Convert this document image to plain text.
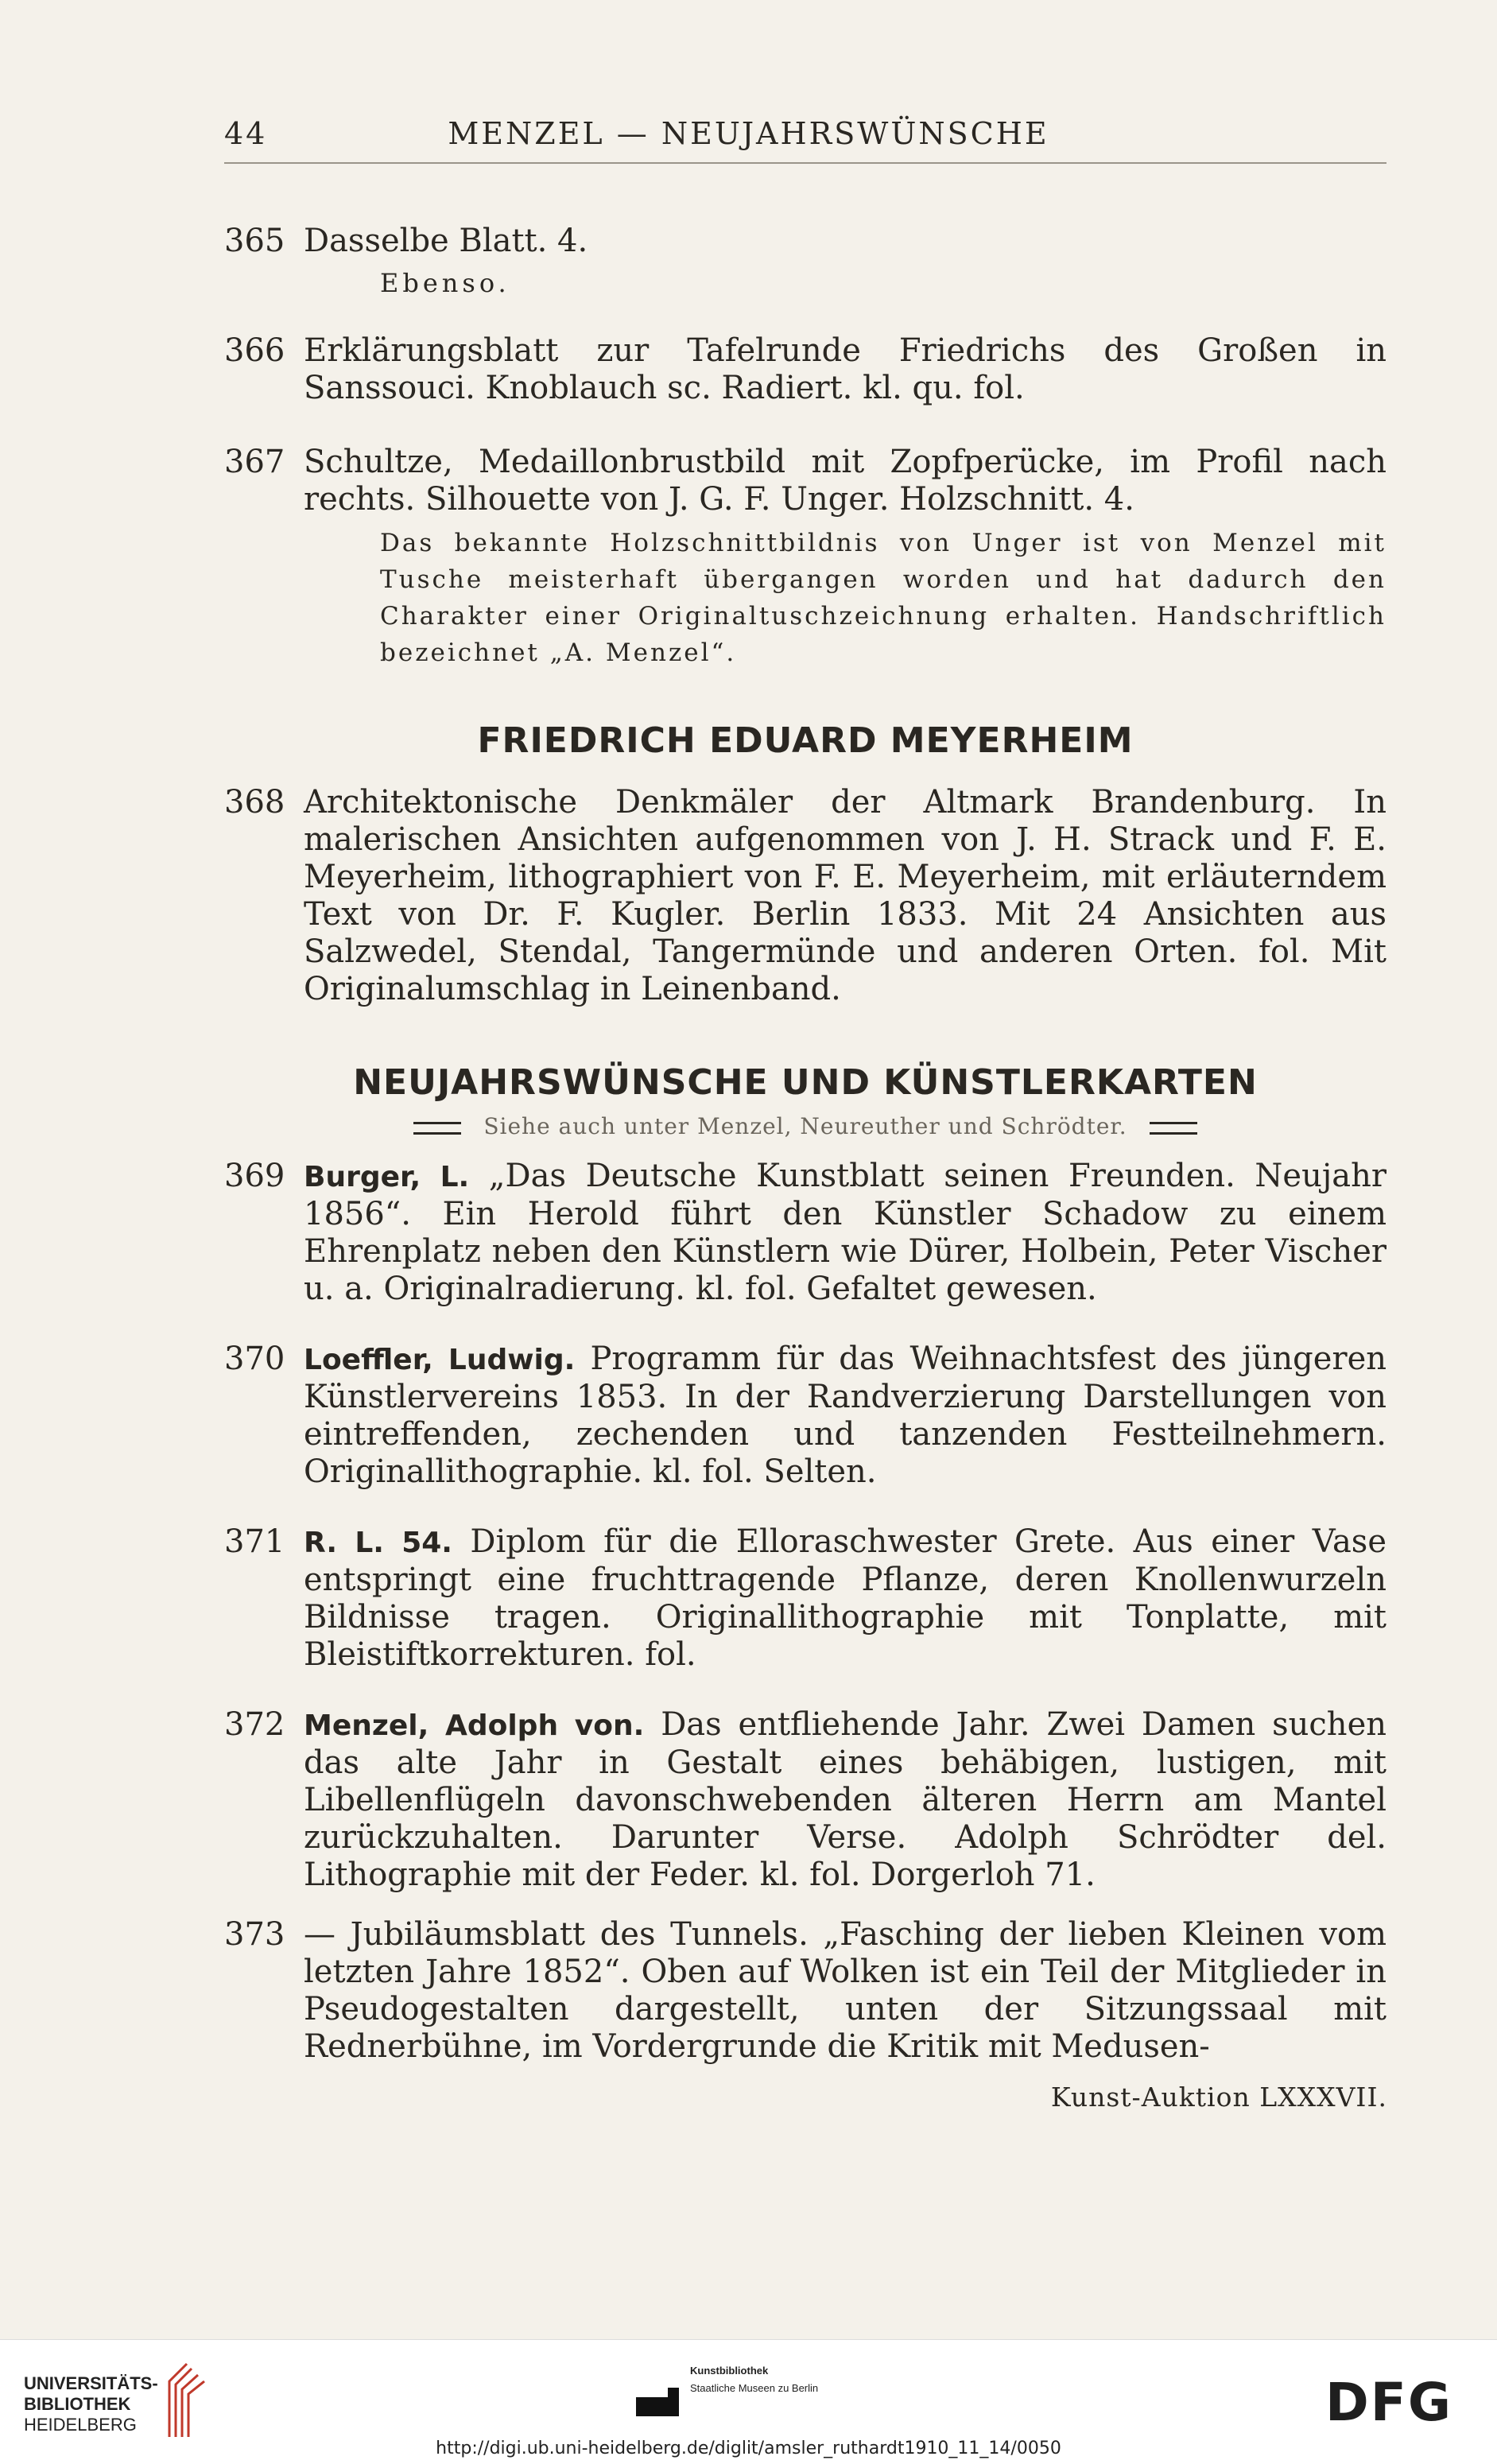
44	MENZEL — NEUJAHRSWÜNSCHE
365 Dasselbe Blatt. 4.
Ebenso.
366 Erklärungsblatt zur Tafelrunde Friedrichs des Großen in Sanssouci. Knoblauch sc. Radiert. kl. qu. fol.
367 Schultze, Medaillonbrustbild mit Zopfperücke, im Profil nach rechts. Silhouette von J. G. F. Unger. Holzschnitt. 4.
Das bekannte Holzschnittbildnis von Unger ist von Menzel mit Tusche meisterhaft übergangen worden und hat dadurch den Charakter einer Originaltuschzeichnung erhalten. Handschriftlich bezeichnet „A. Menzel“.
FRIEDRICH EDUARD MEYERHEIM
368 Architektonische Denkmäler der Altmark Brandenburg. In malerischen Ansichten aufgenommen von J. H. Strack und F. E. Meyerheim, lithographiert von F. E. Meyerheim, mit erläuterndem Text von Dr. F. Kugler. Berlin 1833. Mit 24 Ansichten aus Salzwedel, Stendal, Tangermünde und anderen Orten. fol. Mit Originalumschlag in Leinenband.
NEUJAHRSWÜNSCHE UND KÜNSTLERKARTEN
Siehe auch unter Menzel, Neureuther und Schrödter.
369 Burger, L. „Das Deutsche Kunstblatt seinen Freunden. Neujahr 1856“. Ein Herold führt den Künstler Schadow zu einem Ehrenplatz neben den Künstlern wie Dürer, Holbein, Peter Vischer u. a. Originalradierung. kl. fol. Gefaltet gewesen.
370 Loeffler, Ludwig. Programm für das Weihnachtsfest des jüngeren Künstlervereins 1853. In der Randverzierung Darstellungen von eintreffenden, zechenden und tanzenden Festteilnehmern. Originallithographie. kl. fol. Selten.
371 R. L. 54. Diplom für die Elloraschwester Grete. Aus einer Vase entspringt eine fruchttragende Pflanze, deren Knollenwurzeln Bildnisse tragen. Originallithographie mit Tonplatte, mit Bleistiftkorrekturen. fol.
372 Menzel, Adolph von. Das entfliehende Jahr. Zwei Damen suchen das alte Jahr in Gestalt eines behäbigen, lustigen, mit Libellenflügeln davonschwebenden älteren Herrn am Mantel zurückzuhalten. Darunter Verse. Adolph Schrödter del. Lithographie mit der Feder. kl. fol. Dorgerloh 71.
373 — Jubiläumsblatt des Tunnels. „Fasching der lieben Kleinen vom letzten Jahre 1852“. Oben auf Wolken ist ein Teil der Mitglieder in Pseudogestalten dargestellt, unten der Sitzungssaal mit Rednerbühne, im Vordergrunde die Kritik mit Medusen-
Kunst-Auktion LXXXVII.
UNIVERSITÄTS-
BIBLIOTHEK
HEIDELBERG
Kunstbibliothek
Staatliche Museen zu Berlin	DFG
http://digi.ub.uni-heidelberg.de/diglit/amsler_ruthardt1910_11_14/0050
